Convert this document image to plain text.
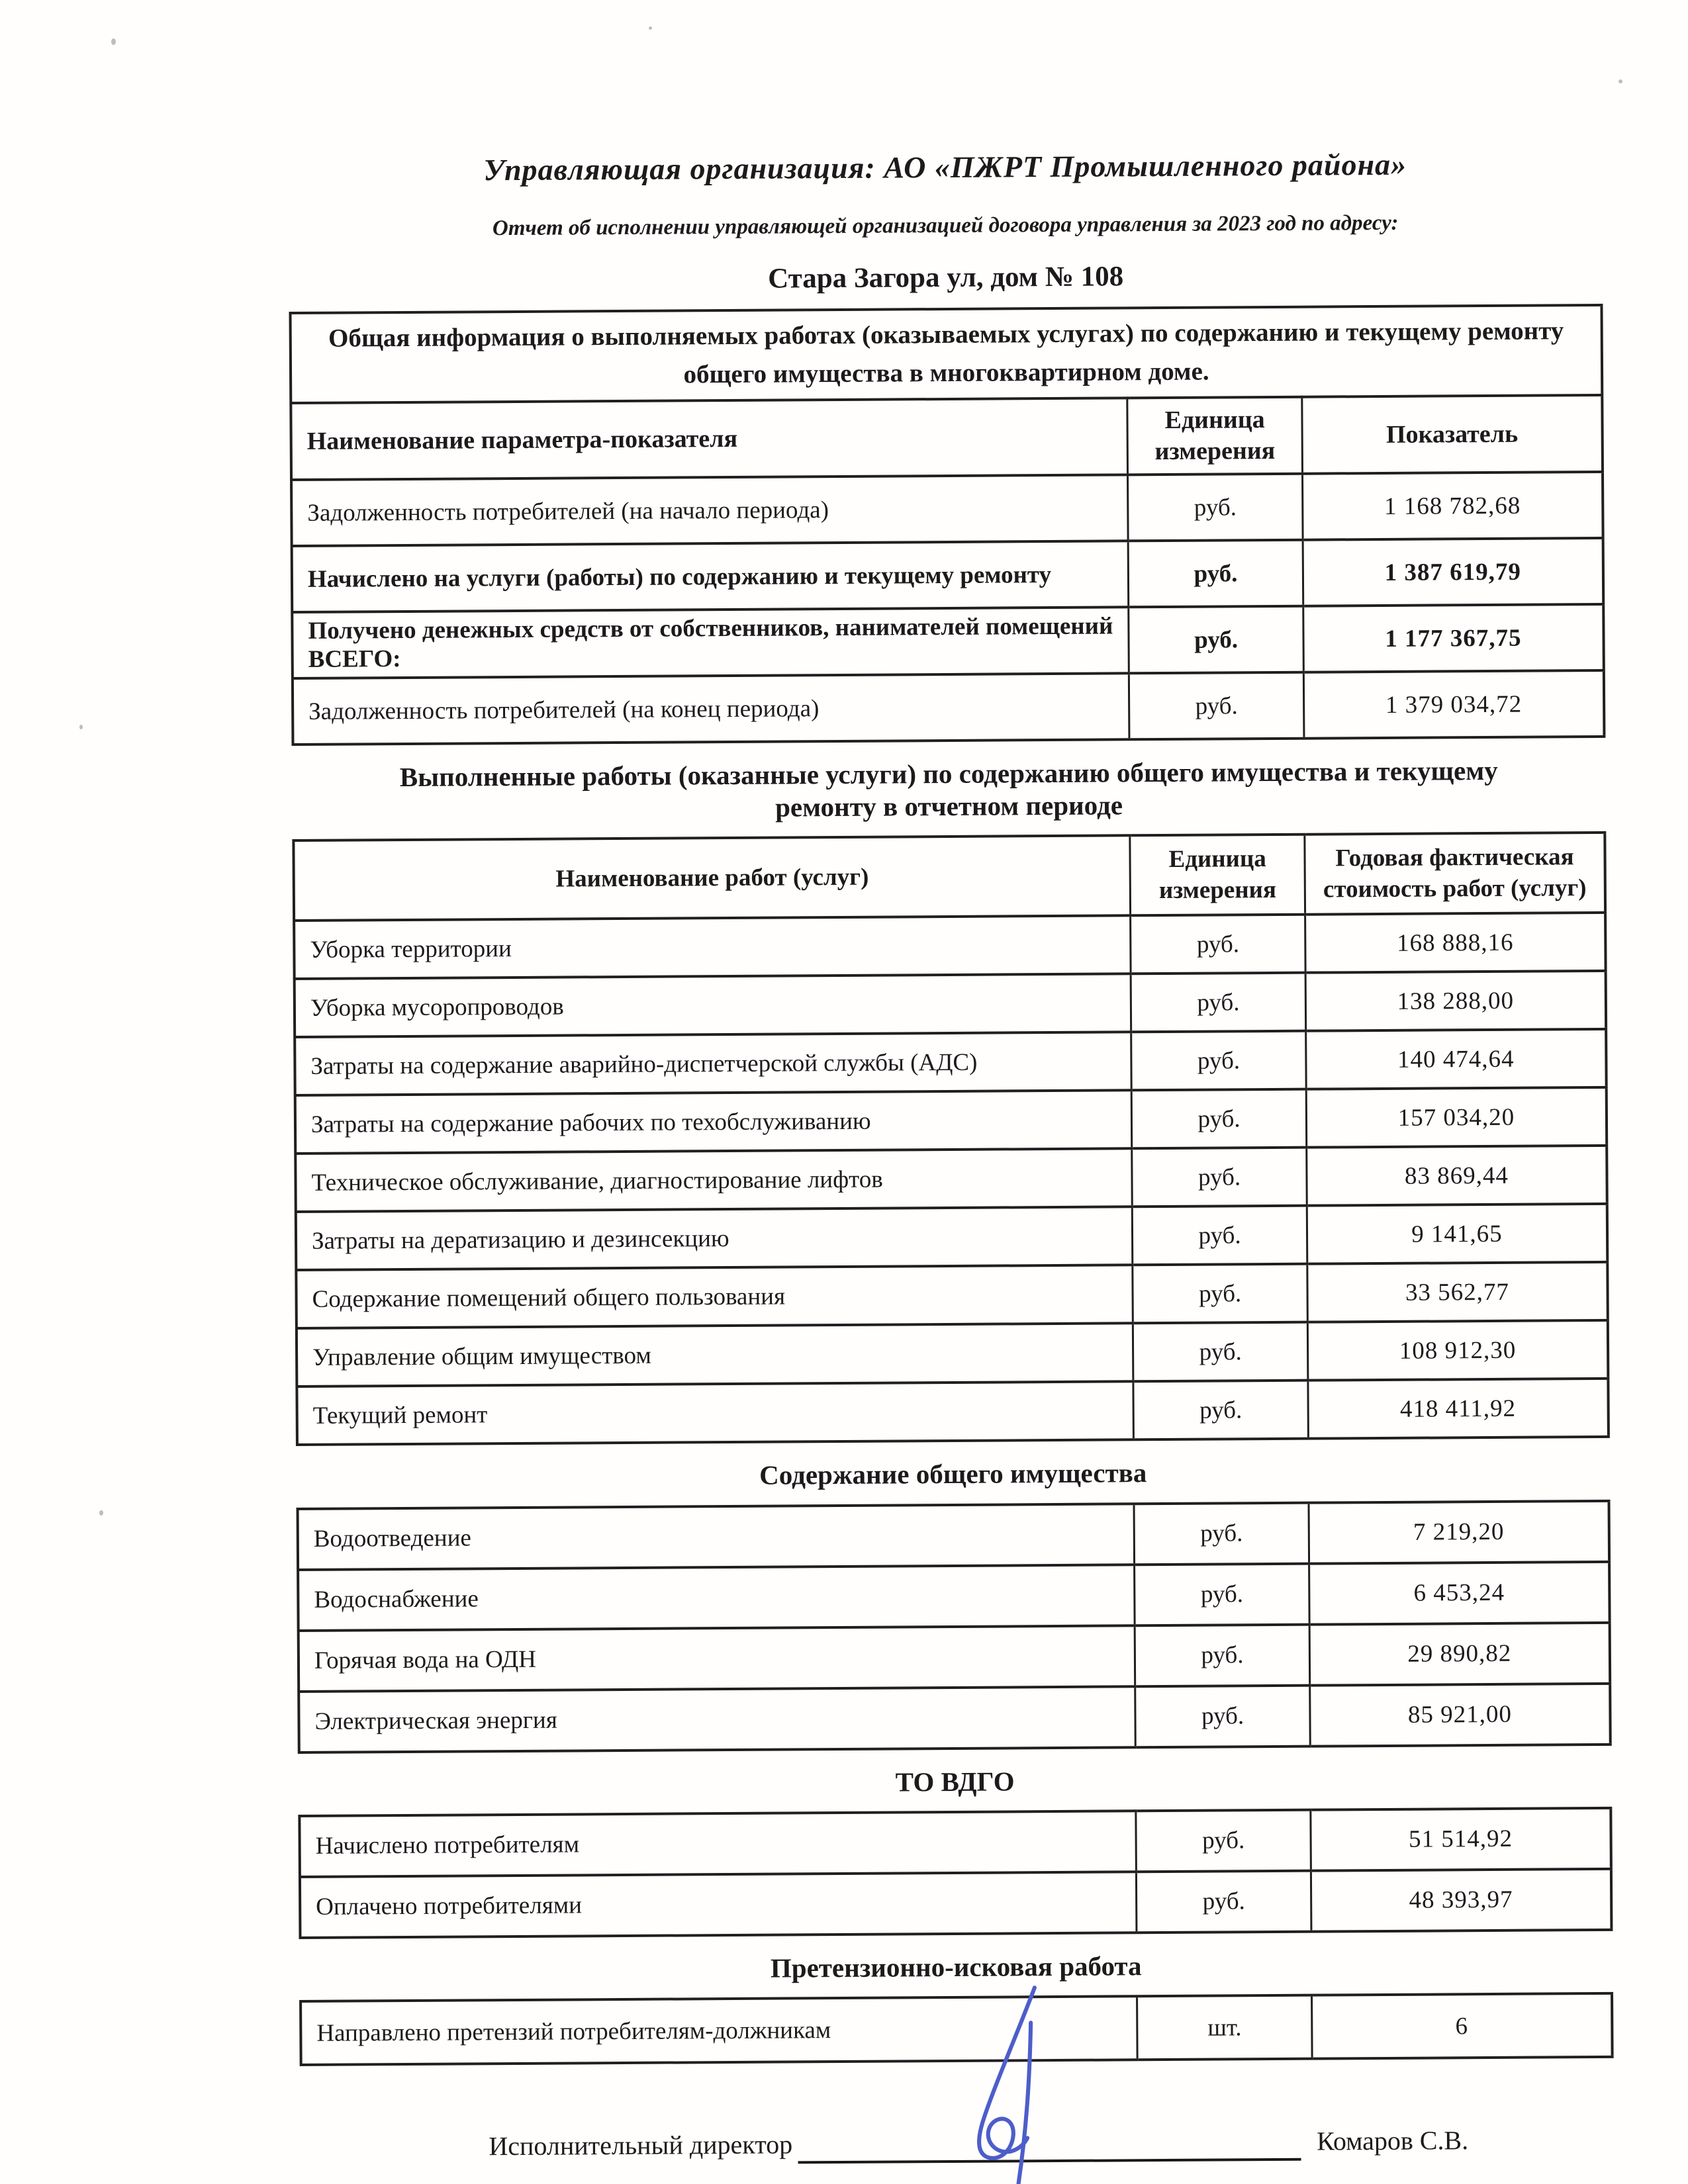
Управляющая организация: АО «ПЖРТ Промышленного района»
Отчет об исполнении управляющей организацией договора управления за 2023 год по адресу:
Стара Загора ул, дом № 108
Общая информация о выполняемых работах (оказываемых услугах) по содержанию и текущему ремонту общего имущества в многоквартирном доме.		
Наименование параметра-показателя	Единица измерения	Показатель
Задолженность потребителей (на начало периода)	руб.	1 168 782,68
Начислено на услуги (работы) по содержанию и текущему ремонту	руб.	1 387 619,79
Получено денежных средств от собственников, нанимателей помещений ВСЕГО:	руб.	1 177 367,75
Задолженность потребителей (на конец периода)	руб.	1 379 034,72
Выполненные работы (оказанные услуги) по содержанию общего имущества и текущему ремонту в отчетном периоде
Наименование работ (услуг)	Единица измерения	Годовая фактическая стоимость работ (услуг)
Уборка территории	руб.	168 888,16
Уборка мусоропроводов	руб.	138 288,00
Затраты на содержание аварийно-диспетчерской службы (АДС)	руб.	140 474,64
Затраты на содержание рабочих по техобслуживанию	руб.	157 034,20
Техническое обслуживание, диагностирование лифтов	руб.	83 869,44
Затраты на дератизацию и дезинсекцию	руб.	9 141,65
Содержание помещений общего пользования	руб.	33 562,77
Управление общим имуществом	руб.	108 912,30
Текущий ремонт	руб.	418 411,92
Содержание общего имущества
Водоотведение	руб.	7 219,20
Водоснабжение	руб.	6 453,24
Горячая вода на ОДН	руб.	29 890,82
Электрическая энергия	руб.	85 921,00
ТО ВДГО
Начислено потребителям	руб.	51 514,92
Оплачено потребителями	руб.	48 393,97
Претензионно-исковая работа
Направлено претензий потребителям-должникам	шт.	6
Исполнительный директор	Комаров С.В.
